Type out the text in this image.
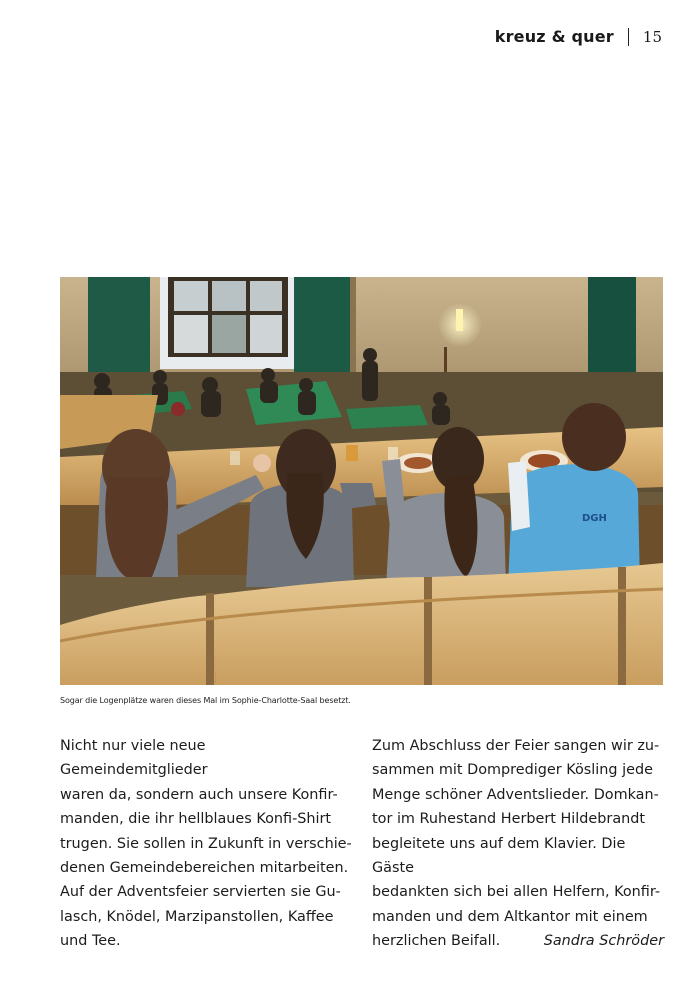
kreuz & quer 15
DGH
Sogar die Logenplätze waren dieses Mal im Sophie-Charlotte-Saal besetzt.

Nicht nur viele neue Gemeindemitglieder

waren da, sondern auch unsere Konfir-

manden, die ihr hellblaues Konfi-Shirt

trugen. Sie sollen in Zukunft in verschie-

denen Gemeindebereichen mitarbeiten.

Auf der Adventsfeier servierten sie Gu-

lasch, Knödel, Marzipanstollen, Kaffee

und Tee.

Zum Abschluss der Feier sangen wir zu-

sammen mit Domprediger Kösling jede

Menge schöner Adventslieder. Domkan-

tor im Ruhestand Herbert Hildebrandt

begleitete uns auf dem Klavier. Die Gäste

bedankten sich bei allen Helfern, Konfir-

manden und dem Altkantor mit einem

herzlichen Beifall.	Sandra Schröder
